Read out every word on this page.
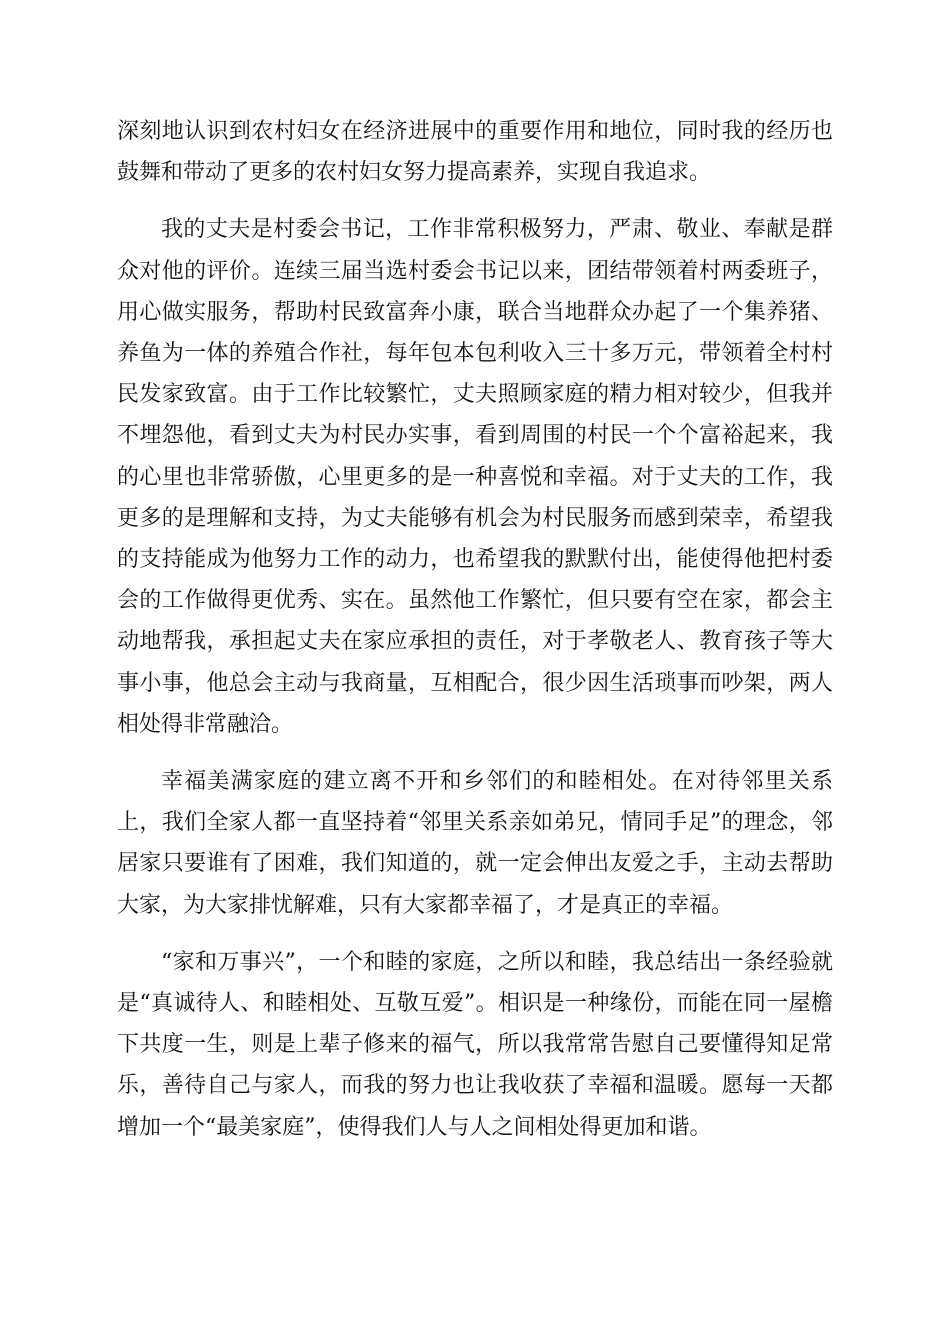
深刻地认识到农村妇女在经济进展中的重要作用和地位，同时我的经历也鼓舞和带动了更多的农村妇女努力提高素养，实现自我追求。

我的丈夫是村委会书记，工作非常积极努力，严肃、敬业、奉献是群众对他的评价。连续三届当选村委会书记以来，团结带领着村两委班子，用心做实服务，帮助村民致富奔小康，联合当地群众办起了一个集养猪、养鱼为一体的养殖合作社，每年包本包利收入三十多万元，带领着全村村民发家致富。由于工作比较繁忙，丈夫照顾家庭的精力相对较少，但我并不埋怨他，看到丈夫为村民办实事，看到周围的村民一个个富裕起来，我的心里也非常骄傲，心里更多的是一种喜悦和幸福。对于丈夫的工作，我更多的是理解和支持，为丈夫能够有机会为村民服务而感到荣幸，希望我的支持能成为他努力工作的动力，也希望我的默默付出，能使得他把村委会的工作做得更优秀、实在。虽然他工作繁忙，但只要有空在家，都会主动地帮我，承担起丈夫在家应承担的责任，对于孝敬老人、教育孩子等大事小事，他总会主动与我商量，互相配合，很少因生活琐事而吵架，两人相处得非常融洽。

幸福美满家庭的建立离不开和乡邻们的和睦相处。在对待邻里关系上，我们全家人都一直坚持着“邻里关系亲如弟兄，情同手足”的理念，邻居家只要谁有了困难，我们知道的，就一定会伸出友爱之手，主动去帮助大家，为大家排忧解难，只有大家都幸福了，才是真正的幸福。

“家和万事兴”，一个和睦的家庭，之所以和睦，我总结出一条经验就是“真诚待人、和睦相处、互敬互爱”。相识是一种缘份，而能在同一屋檐下共度一生，则是上辈子修来的福气，所以我常常告慰自己要懂得知足常乐，善待自己与家人，而我的努力也让我收获了幸福和温暖。愿每一天都增加一个“最美家庭”，使得我们人与人之间相处得更加和谐。
